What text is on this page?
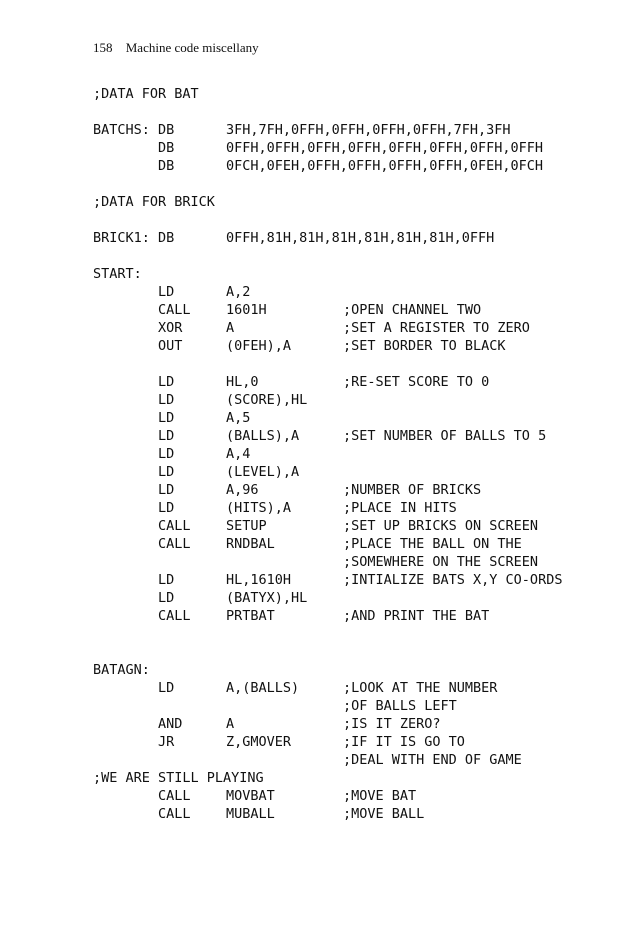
158 Machine code miscellany
;DATA FOR BAT
BATCHS: DB	3FH,7FH,0FFH,0FFH,0FFH,0FFH,7FH,3FH
DB	0FFH,0FFH,0FFH,0FFH,0FFH,0FFH,0FFH,0FFH
DB	0FCH,0FEH,0FFH,0FFH,0FFH,0FFH,0FEH,0FCH
;DATA FOR BRICK
BRICK1: DB	0FFH,81H,81H,81H,81H,81H,81H,0FFH
START:
LD	A,2
CALL	1601H	;OPEN CHANNEL TWO
XOR	A	;SET A REGISTER TO ZERO
OUT	(0FEH),A	;SET BORDER TO BLACK
LD	HL,0	;RE-SET SCORE TO 0
LD	(SCORE),HL
LD	A,5
LD	(BALLS),A	;SET NUMBER OF BALLS TO 5
LD	A,4
LD	(LEVEL),A
LD	A,96	;NUMBER OF BRICKS
LD	(HITS),A	;PLACE IN HITS
CALL	SETUP	;SET UP BRICKS ON SCREEN
CALL	RNDBAL	;PLACE THE BALL ON THE
;SOMEWHERE ON THE SCREEN
LD	HL,1610H	;INTIALIZE BATS X,Y CO-ORDS
LD	(BATYX),HL
CALL	PRTBAT	;AND PRINT THE BAT
BATAGN:
LD	A,(BALLS)	;LOOK AT THE NUMBER
;OF BALLS LEFT
AND	A	;IS IT ZERO?
JR	Z,GMOVER	;IF IT IS GO TO
;DEAL WITH END OF GAME
;WE ARE STILL PLAYING
CALL	MOVBAT	;MOVE BAT
CALL	MUBALL	;MOVE BALL
